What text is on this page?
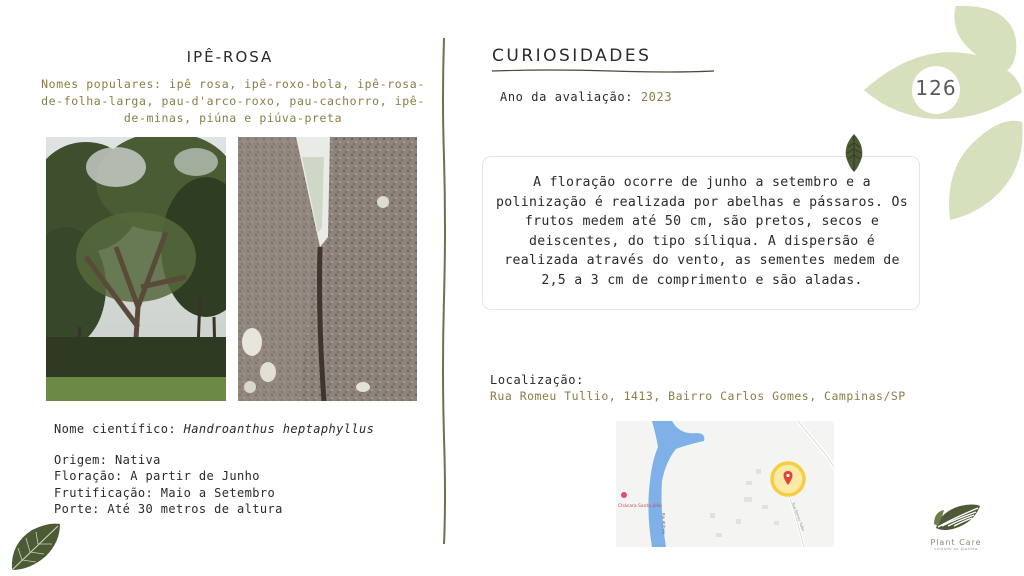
IPÊ-ROSA
Nomes populares: ipê rosa, ipê-roxo-bola, ipê-rosa-de-folha-larga, pau-d'arco-roxo, pau-cachorro, ipê-de-minas, piúna e piúva-preta
Nome científico: Handroanthus heptaphyllus
Origem: Nativa
Floração: A partir de Junho
Frutificação: Maio a Setembro
Porte: Até 30 metros de altura
CURIOSIDADES
Ano da avaliação: 2023
A floração ocorre de junho a setembro e a polinização é realizada por abelhas e pássaros. Os frutos medem até 50 cm, são pretos, secos e deiscentes, do tipo síliqua. A dispersão é realizada através do vento, as sementes medem de 2,5 a 3 cm de comprimento e são aladas.
Localização:
Rua Romeu Tullio, 1413, Bairro Carlos Gomes, Campinas/SP
Chácara Santa Júlia
Rio Atibaia	Rua Romeu Tullio
126
Plant Care
cuidado ao planeta
